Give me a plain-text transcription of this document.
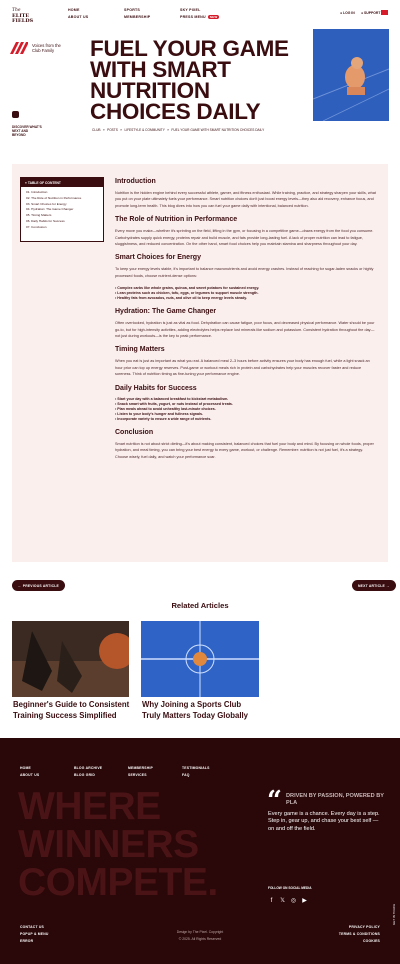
The
ELITE FIELDS
HOME
ABOUT US
SPORTS
MEMBERSHIP
SKY PIXEL
PRESS MENU NEW
● LOG IN ● SUPPORT
Voices from the Club Family	FUEL YOUR GAME WITH SMART NUTRITION CHOICES DAILY
DISCOVER WHAT'S NEXT AND BEYOND
CLUB » POSTS » LIFESTYLE & COMMUNITY » FUEL YOUR GAME WITH SMART NUTRITION CHOICES DAILY
≡ TABLE OF CONTENT
01. Introduction
02. The Role of Nutrition in Performance
03. Smart Choices for Energy
04. Hydration: The Game Changer
05. Timing Matters
06. Daily Habits for Success
07. Conclusion
Introduction

Nutrition is the hidden engine behind every successful athlete, gamer, and fitness enthusiast. While training, practice, and strategy sharpen your skills, what you put on your plate ultimately fuels your performance. Smart nutrition choices don't just boost energy levels—they also aid recovery, enhance focus, and promote long-term health. This blog dives into how you can fuel your game daily with intentional, balanced nutrition.

The Role of Nutrition in Performance

Every move you make—whether it's sprinting on the field, lifting in the gym, or focusing in a competitive game—draws energy from the food you consume. Carbohydrates supply quick energy, proteins repair and build muscle, and fats provide long-lasting fuel. A lack of proper nutrition can lead to fatigue, sluggishness, and reduced concentration. On the other hand, smart food choices help you maintain stamina and sharpness throughout your day.

Smart Choices for Energy

To keep your energy levels stable, it's important to balance macronutrients and avoid energy crashes. Instead of reaching for sugar-laden snacks or highly processed foods, choose nutrient-dense options:

• Complex carbs like whole grains, quinoa, and sweet potatoes for sustained energy.
• Lean proteins such as chicken, tofu, eggs, or legumes to support muscle strength.
• Healthy fats from avocados, nuts, and olive oil to keep energy levels steady.
Hydration: The Game Changer

Often overlooked, hydration is just as vital as food. Dehydration can cause fatigue, poor focus, and decreased physical performance. Water should be your go-to, but for high-intensity activities, adding electrolytes helps replace lost minerals like sodium and potassium. Consistent hydration throughout the day—not just during workouts—is the key to peak performance.

Timing Matters

When you eat is just as important as what you eat. A balanced meal 2–3 hours before activity ensures your body has enough fuel, while a light snack an hour prior can top up energy reserves. Post-game or workout meals rich in protein and carbohydrates help your muscles recover faster and reduce soreness. Think of nutrition timing as fine-tuning your performance engine.

Daily Habits for Success
• Start your day with a balanced breakfast to kickstart metabolism.
• Snack smart with fruits, yogurt, or nuts instead of processed treats.
• Plan meals ahead to avoid unhealthy last-minute choices.
• Listen to your body's hunger and fullness signals.
• Incorporate variety to ensure a wide range of nutrients.
Conclusion

Smart nutrition is not about strict dieting—it's about making consistent, balanced choices that fuel your body and mind. By focusing on whole foods, proper hydration, and meal timing, you can bring your best energy to every game, workout, or challenge. Remember: nutrition is not just fuel, it's a strategy. Choose wisely, fuel daily, and watch your performance soar.

← PREVIOUS ARTICLE	NEXT ARTICLE →
Related Articles
Beginner's Guide to Consistent Training Success Simplified
Why Joining a Sports Club Truly Matters Today Globally
HOME
ABOUT US
BLOG ARCHIVE
BLOG GRID
MEMBERSHIP
SERVICES
TESTIMONIALS
FAQ
WHERE
WINNERS
COMPETE.
“ DRIVEN BY PASSION, POWERED BY PLA
Every game is a chance. Every day is a step. Step in, gear up, and chase your best self — on and off the field.
FOLLOW ON SOCIAL MEDIA
f	𝕏 ◎ ▶
CONTACT US
POPUP & MENU
ERROR
PRIVACY POLICY
TERMS & CONDITIONS
COOKIES
Design by The Pixel. Copyright
© 2025. All Rights Reserved
GET IN TOUCH
